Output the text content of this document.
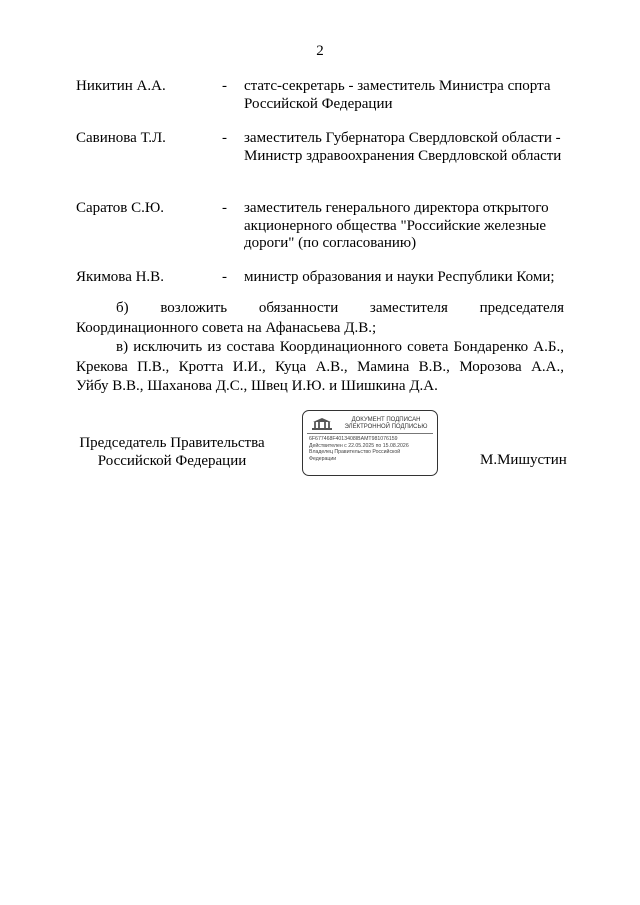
2
Никитин А.А.	- статс-секретарь - заместитель Министра спорта Российской Федерации
Савинова Т.Л.	- заместитель Губернатора Свердловской области - Министр здравоохранения Свердловской области
Саратов С.Ю.	- заместитель генерального директора открытого акционерного общества "Российские железные дороги" (по согласованию)
Якимова Н.В.	- министр образования и науки Республики Коми;
б) возложить обязанности заместителя председателя
Координационного совета на Афанасьева Д.В.;
в) исключить из состава Координационного совета Бондаренко А.Б.,
Крекова П.В., Кротта И.И., Куца А.В., Мамина В.В., Морозова А.А.,
Уйбу В.В., Шаханова Д.С., Швец И.Ю. и Шишкина Д.А.
Председатель Правительства
Российской Федерации
ДОКУМЕНТ ПОДПИСАН
ЭЛЕКТРОННОЙ ПОДПИСЬЮ
6F677468F4013408IBAMT981076159
Действителен с 22.05.2025 по 15.08.2026
Владелец Правительство Российской
Федерации	М.Мишустин
